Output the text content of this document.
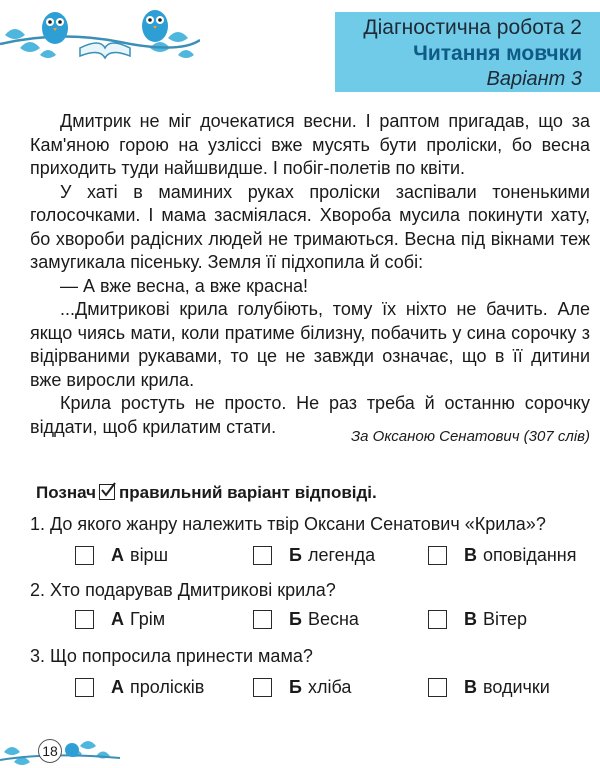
Діагностична робота 2
Читання мовчки
Варіант 3

Дмитрик не міг дочекатися весни. І раптом пригадав, що за Кам'яною горою на узліссі вже мусять бути проліски, бо весна приходить туди найшвидше. І побіг-полетів по квіти.

У хаті в маминих руках проліски заспівали тоненькими голосочками. І мама засміялася. Хвороба мусила покинути хату, бо хвороби радісних людей не тримаються. Весна під вікнами теж замугикала пісеньку. Земля її підхопила й собі:

— А вже весна, а вже красна!

...Дмитрикові крила голубіють, тому їх ніхто не бачить. Але якщо чиясь мати, коли пратиме білизну, побачить у сина сорочку з відірваними рукавами, то це не завжди означає, що в її дитини вже виросли крила.

Крила ростуть не просто. Не раз треба й останню сорочку віддати, щоб крилатим стати.	За Оксаною Сенатович (307 слів)
Познач правильний варіант відповіді.
1. До якого жанру належить твір Оксани Сенатович «Крила»?
А вірш	Б легенда	В оповідання
2. Хто подарував Дмитрикові крила?
А Грім	Б Весна	В Вітер
3. Що попросила принести мама?
А пролісків	Б хліба	В водички
18
